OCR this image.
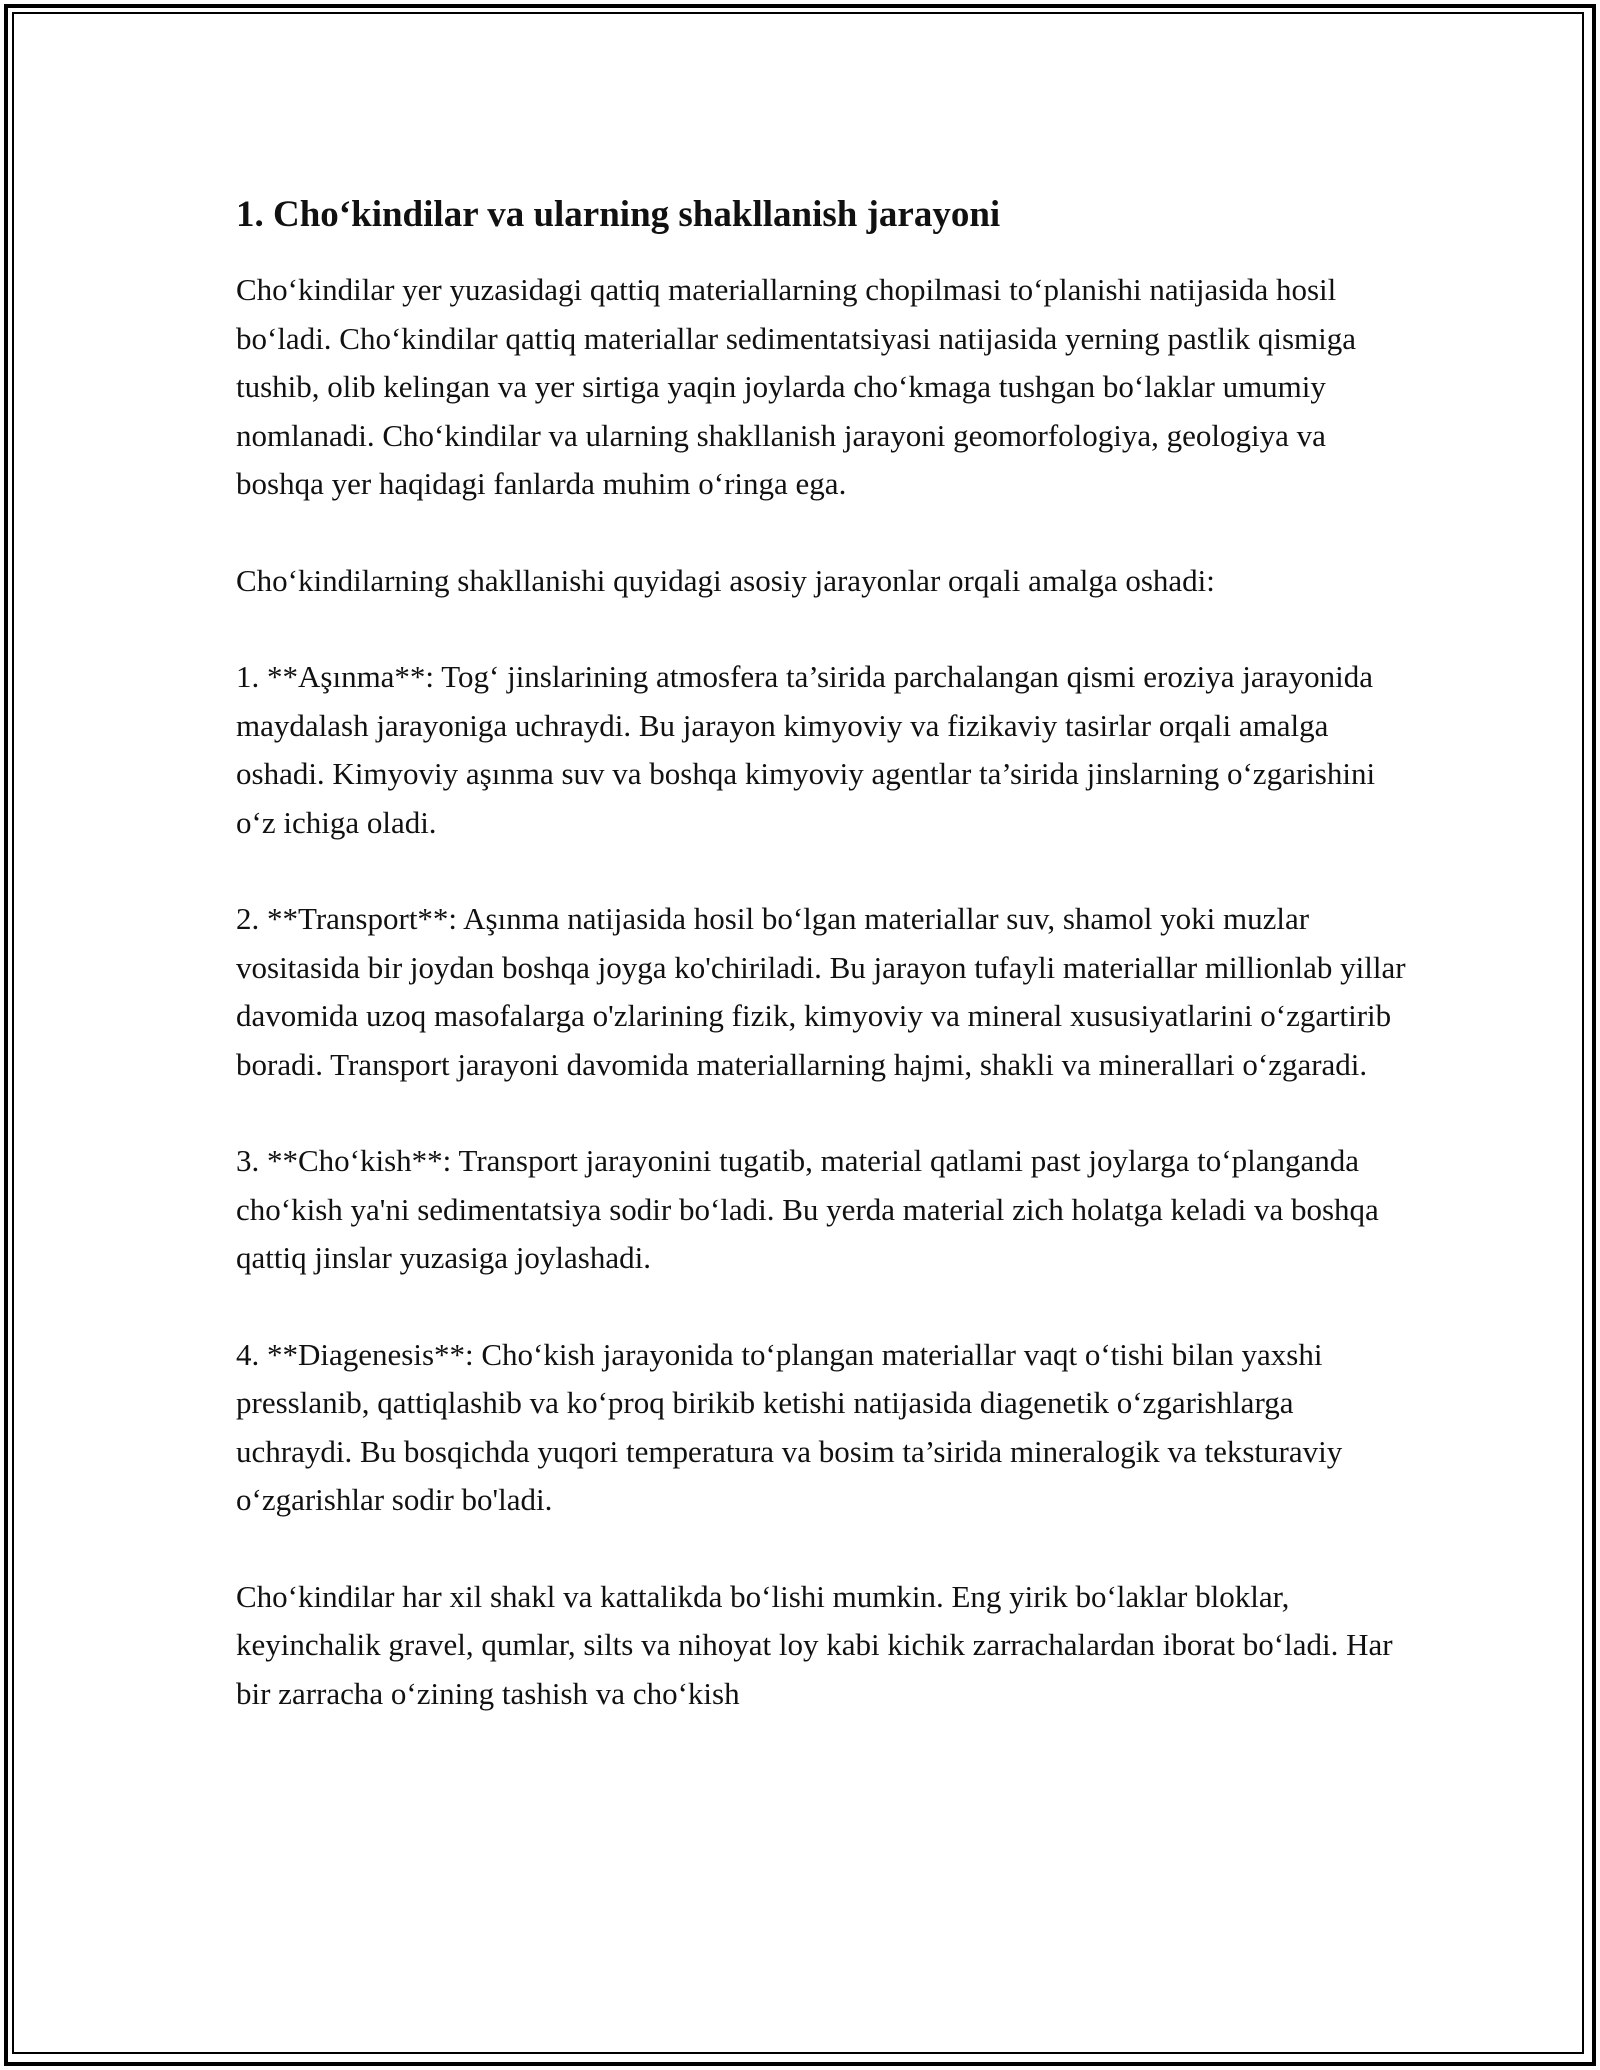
1. Cho‘kindilar va ularning shakllanish jarayoni

Cho‘kindilar yer yuzasidagi qattiq materiallarning chopilmasi to‘planishi natijasida hosil bo‘ladi. Cho‘kindilar qattiq materiallar sedimentatsiyasi natijasida yerning pastlik qismiga tushib, olib kelingan va yer sirtiga yaqin joylarda cho‘kmaga tushgan bo‘laklar umumiy nomlanadi. Cho‘kindilar va ularning shakllanish jarayoni geomorfologiya, geologiya va boshqa yer haqidagi fanlarda muhim o‘ringa ega.

Cho‘kindilarning shakllanishi quyidagi asosiy jarayonlar orqali amalga oshadi:

1. **Aşınma**: Tog‘ jinslarining atmosfera ta’sirida parchalangan qismi eroziya jarayonida maydalash jarayoniga uchraydi. Bu jarayon kimyoviy va fizikaviy tasirlar orqali amalga oshadi. Kimyoviy aşınma suv va boshqa kimyoviy agentlar ta’sirida jinslarning o‘zgarishini o‘z ichiga oladi.

2. **Transport**: Aşınma natijasida hosil bo‘lgan materiallar suv, shamol yoki muzlar vositasida bir joydan boshqa joyga ko'chiriladi. Bu jarayon tufayli materiallar millionlab yillar davomida uzoq masofalarga o'zlarining fizik, kimyoviy va mineral xususiyatlarini o‘zgartirib boradi. Transport jarayoni davomida materiallarning hajmi, shakli va minerallari o‘zgaradi.

3. **Cho‘kish**: Transport jarayonini tugatib, material qatlami past joylarga to‘planganda cho‘kish ya'ni sedimentatsiya sodir bo‘ladi. Bu yerda material zich holatga keladi va boshqa qattiq jinslar yuzasiga joylashadi.

4. **Diagenesis**: Cho‘kish jarayonida to‘plangan materiallar vaqt o‘tishi bilan yaxshi presslanib, qattiqlashib va ko‘proq birikib ketishi natijasida diagenetik o‘zgarishlarga uchraydi. Bu bosqichda yuqori temperatura va bosim ta’sirida mineralogik va teksturaviy o‘zgarishlar sodir bo'ladi.

Cho‘kindilar har xil shakl va kattalikda bo‘lishi mumkin. Eng yirik bo‘laklar bloklar, keyinchalik gravel, qumlar, silts va nihoyat loy kabi kichik zarrachalardan iborat bo‘ladi. Har bir zarracha o‘zining tashish va cho‘kish
